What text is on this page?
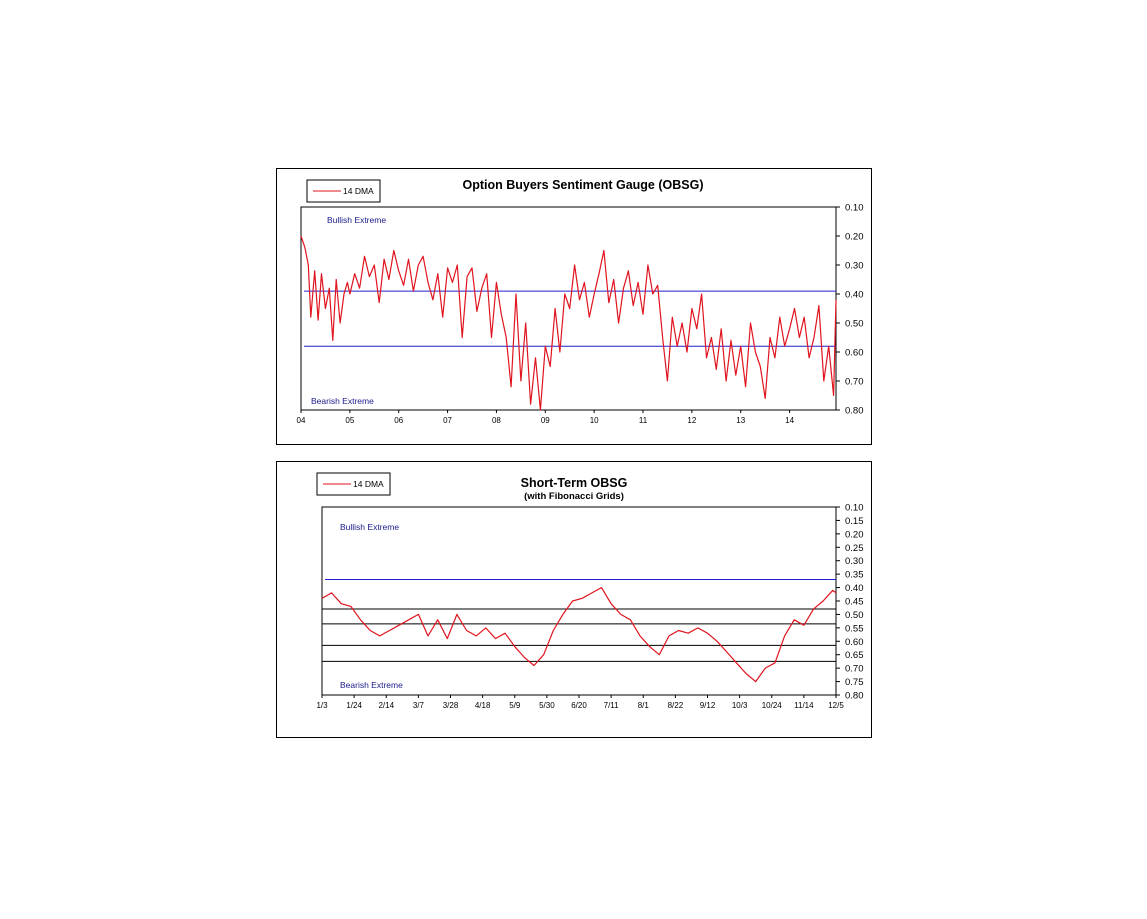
14 DMA	Option Buyers Sentiment Gauge (OBSG)
Bullish Extreme
Bearish Extreme
0.10
0.20
0.30
0.40
0.50
0.60
0.70
0.80
04	05	06	07	08	09	10	11	12	13	14
14 DMA	Short-Term OBSG
(with Fibonacci Grids)
Bullish Extreme
Bearish Extreme
0.10
0.15
0.20
0.25
0.30
0.35
0.40
0.45
0.50
0.55
0.60
0.65
0.70
0.75
0.80
1/3 1/24 2/14 3/7 3/28 4/18 5/9 5/30 6/20 7/11 8/1 8/22 9/12 10/3 10/24 11/14 12/5
